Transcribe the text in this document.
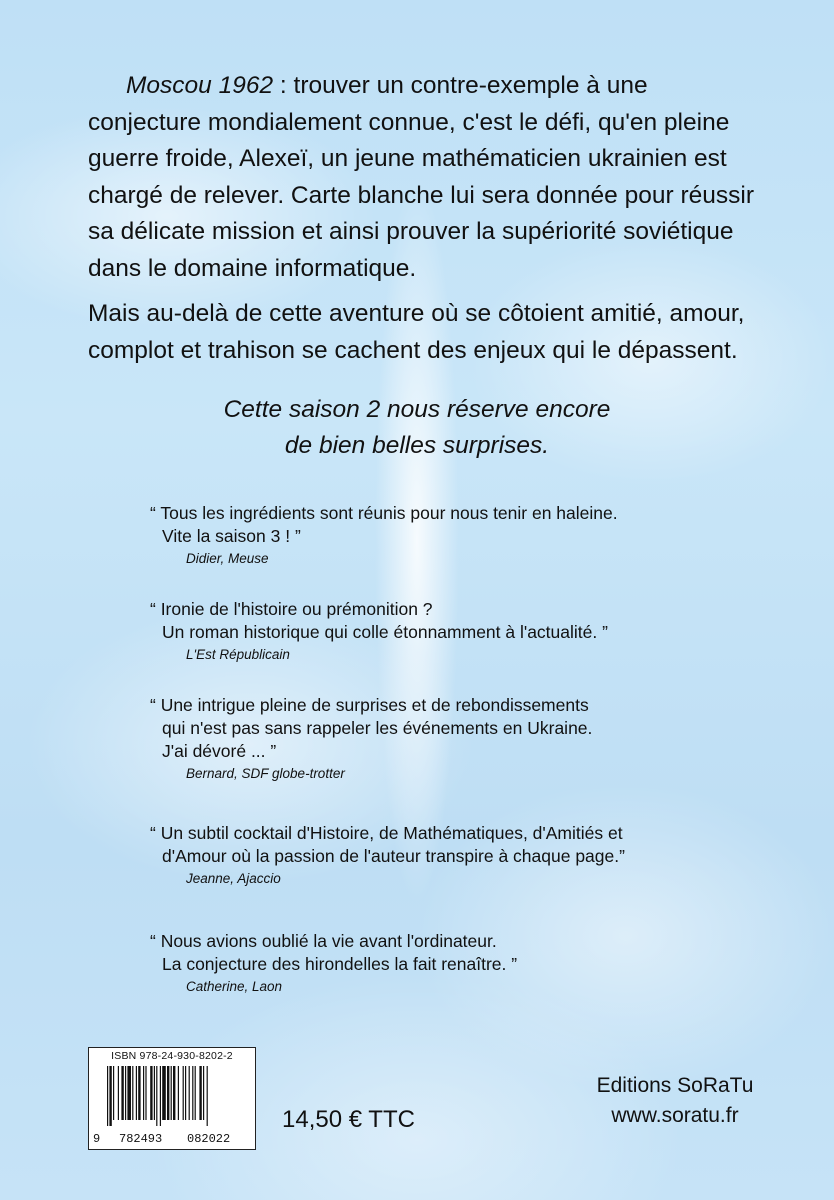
Moscou 1962 : trouver un contre-exemple à une conjecture mondialement connue, c'est le défi, qu'en pleine guerre froide, Alexeï, un jeune mathématicien ukrainien est chargé de relever. Carte blanche lui sera donnée pour réussir sa délicate mission et ainsi prouver la supériorité soviétique dans le domaine informatique.

Mais au-delà de cette aventure où se côtoient amitié, amour, complot et trahison se cachent des enjeux qui le dépassent.

Cette saison 2 nous réserve encore
de bien belles surprises.

“ Tous les ingrédients sont réunis pour nous tenir en haleine.
Vite la saison 3 ! ”

Didier, Meuse

“ Ironie de l'histoire ou prémonition ?
Un roman historique qui colle étonnamment à l'actualité. ”

L'Est Républicain

“ Une intrigue pleine de surprises et de rebondissements
qui n'est pas sans rappeler les événements en Ukraine.
J'ai dévoré ... ”

Bernard, SDF globe-trotter

“ Un subtil cocktail d'Histoire, de Mathématiques, d'Amitiés et
d'Amour où la passion de l'auteur transpire à chaque page.”

Jeanne, Ajaccio

“ Nous avions oublié la vie avant l'ordinateur.
La conjecture des hirondelles la fait renaître. ”

Catherine, Laon
ISBN 978-24-930-8202-2
9 782493 082022
14,50 € TTC
Editions SoRaTu
www.soratu.fr
